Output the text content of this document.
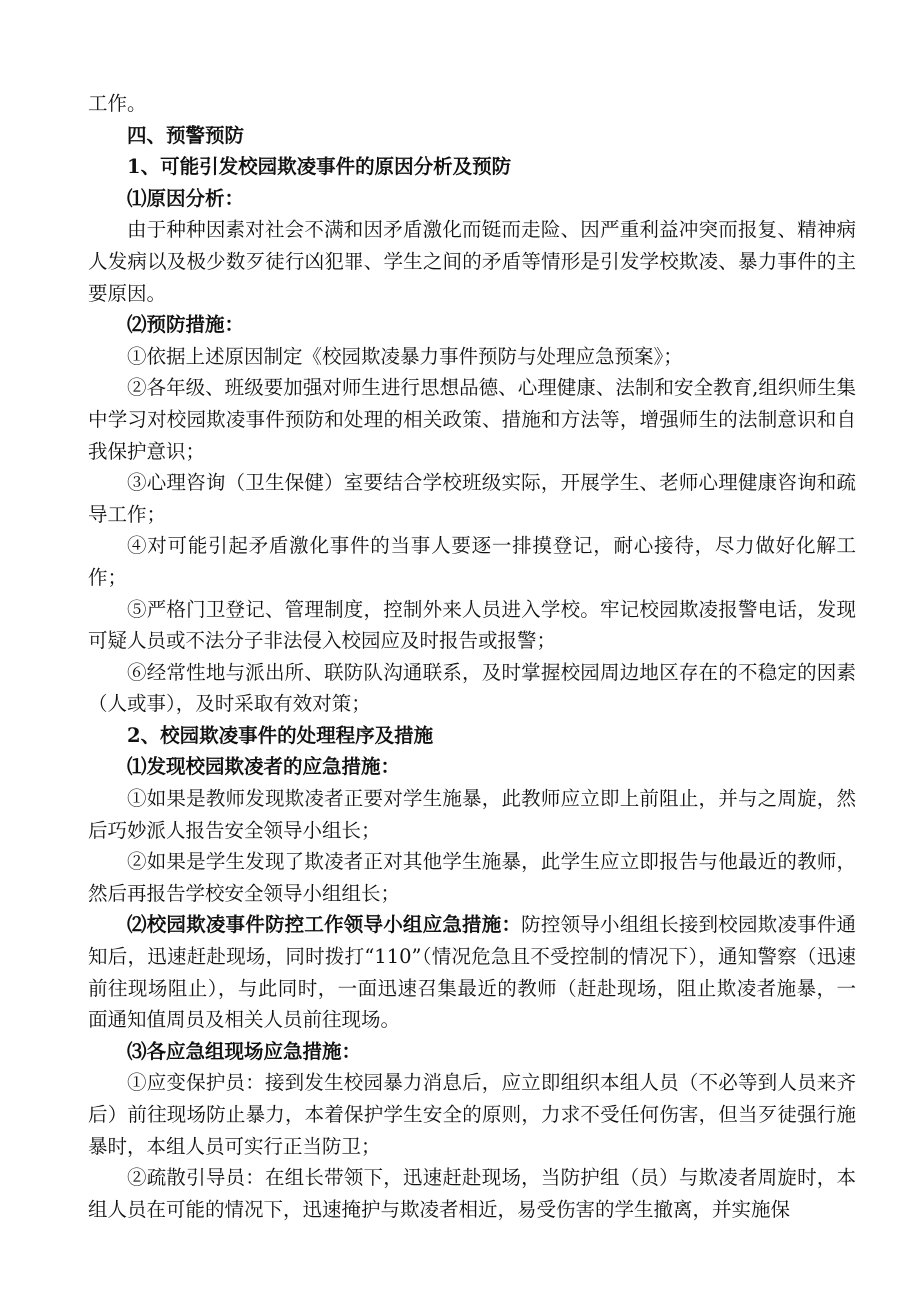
工作。

四、预警预防

1、可能引发校园欺凌事件的原因分析及预防

⑴原因分析：

由于种种因素对社会不满和因矛盾激化而铤而走险、因严重利益冲突而报复、精神病人发病以及极少数歹徒行凶犯罪、学生之间的矛盾等情形是引发学校欺凌、暴力事件的主要原因。

⑵预防措施：

①依据上述原因制定《校园欺凌暴力事件预防与处理应急预案》；

②各年级、班级要加强对师生进行思想品德、心理健康、法制和安全教育,组织师生集中学习对校园欺凌事件预防和处理的相关政策、措施和方法等，增强师生的法制意识和自我保护意识；

③心理咨询（卫生保健）室要结合学校班级实际，开展学生、老师心理健康咨询和疏导工作；

④对可能引起矛盾激化事件的当事人要逐一排摸登记，耐心接待，尽力做好化解工作；

⑤严格门卫登记、管理制度，控制外来人员进入学校。牢记校园欺凌报警电话，发现可疑人员或不法分子非法侵入校园应及时报告或报警；

⑥经常性地与派出所、联防队沟通联系，及时掌握校园周边地区存在的不稳定的因素（人或事），及时采取有效对策；

2、校园欺凌事件的处理程序及措施

⑴发现校园欺凌者的应急措施：

①如果是教师发现欺凌者正要对学生施暴，此教师应立即上前阻止，并与之周旋，然后巧妙派人报告安全领导小组长；

②如果是学生发现了欺凌者正对其他学生施暴，此学生应立即报告与他最近的教师，然后再报告学校安全领导小组组长；

⑵校园欺凌事件防控工作领导小组应急措施：防控领导小组组长接到校园欺凌事件通知后，迅速赶赴现场，同时拨打“110”（情况危急且不受控制的情况下），通知警察（迅速前往现场阻止），与此同时，一面迅速召集最近的教师（赶赴现场，阻止欺凌者施暴，一面通知值周员及相关人员前往现场。

⑶各应急组现场应急措施：

①应变保护员：接到发生校园暴力消息后，应立即组织本组人员（不必等到人员来齐后）前往现场防止暴力，本着保护学生安全的原则，力求不受任何伤害，但当歹徒强行施暴时，本组人员可实行正当防卫；

②疏散引导员：在组长带领下，迅速赶赴现场，当防护组（员）与欺凌者周旋时，本组人员在可能的情况下，迅速掩护与欺凌者相近，易受伤害的学生撤离，并实施保
